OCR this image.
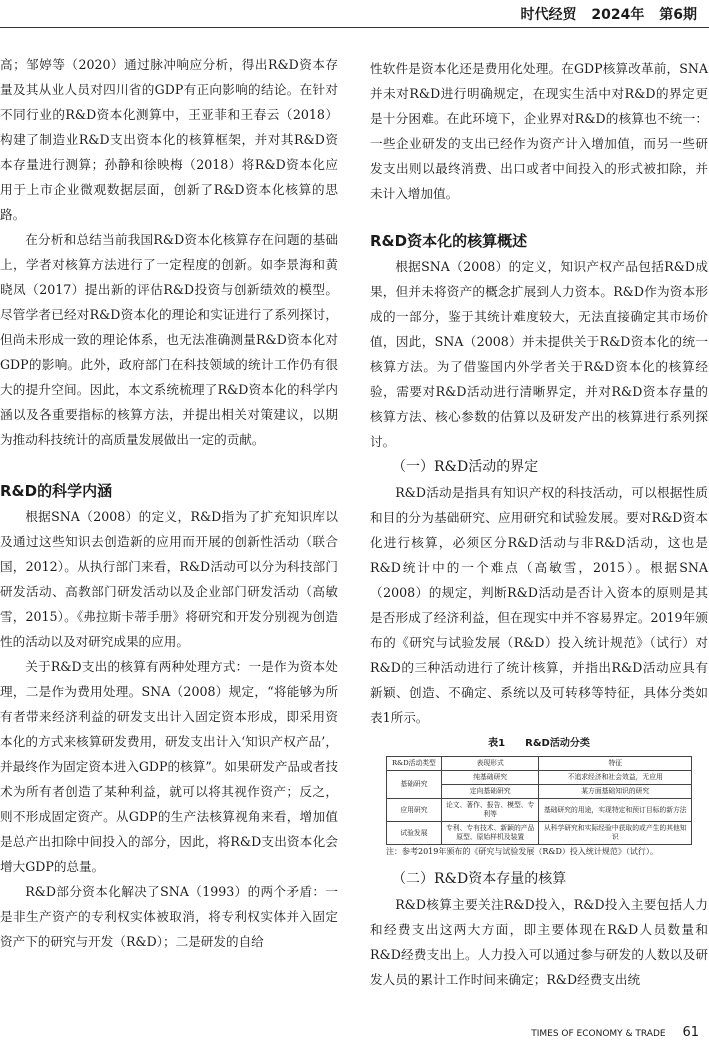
时代经贸 2024年 第6期

高；邹婷等（2020）通过脉冲响应分析，得出R&D资本存量及其从业人员对四川省的GDP有正向影响的结论。在针对不同行业的R&D资本化测算中，王亚菲和王春云（2018）构建了制造业R&D支出资本化的核算框架，并对其R&D资本存量进行测算；孙静和徐映梅（2018）将R&D资本化应用于上市企业微观数据层面，创新了R&D资本化核算的思路。

在分析和总结当前我国R&D资本化核算存在问题的基础上，学者对核算方法进行了一定程度的创新。如李景海和黄晓凤（2017）提出新的评估R&D投资与创新绩效的模型。尽管学者已经对R&D资本化的理论和实证进行了系列探讨，但尚未形成一致的理论体系，也无法准确测量R&D资本化对GDP的影响。此外，政府部门在科技领域的统计工作仍有很大的提升空间。因此，本文系统梳理了R&D资本化的科学内涵以及各重要指标的核算方法，并提出相关对策建议，以期为推动科技统计的高质量发展做出一定的贡献。

R&D的科学内涵

根据SNA（2008）的定义，R&D指为了扩充知识库以及通过这些知识去创造新的应用而开展的创新性活动（联合国，2012）。从执行部门来看，R&D活动可以分为科技部门研发活动、高教部门研发活动以及企业部门研发活动（高敏雪，2015）。《弗拉斯卡蒂手册》将研究和开发分别视为创造性的活动以及对研究成果的应用。

关于R&D支出的核算有两种处理方式：一是作为资本处理，二是作为费用处理。SNA（2008）规定，“将能够为所有者带来经济利益的研发支出计入固定资本形成，即采用资本化的方式来核算研发费用，研发支出计入‘知识产权产品’，并最终作为固定资本进入GDP的核算”。如果研发产品或者技术为所有者创造了某种利益，就可以将其视作资产；反之，则不形成固定资产。从GDP的生产法核算视角来看，增加值是总产出扣除中间投入的部分，因此，将R&D支出资本化会增大GDP的总量。

R&D部分资本化解决了SNA（1993）的两个矛盾：一是非生产资产的专利权实体被取消，将专利权实体并入固定资产下的研究与开发（R&D）；二是研发的自给

性软件是资本化还是费用化处理。在GDP核算改革前，SNA并未对R&D进行明确规定，在现实生活中对R&D的界定更是十分困难。在此环境下，企业界对R&D的核算也不统一：一些企业研发的支出已经作为资产计入增加值，而另一些研发支出则以最终消费、出口或者中间投入的形式被扣除，并未计入增加值。

R&D资本化的核算概述

根据SNA（2008）的定义，知识产权产品包括R&D成果，但并未将资产的概念扩展到人力资本。R&D作为资本形成的一部分，鉴于其统计难度较大，无法直接确定其市场价值，因此，SNA（2008）并未提供关于R&D资本化的统一核算方法。为了借鉴国内外学者关于R&D资本化的核算经验，需要对R&D活动进行清晰界定，并对R&D资本存量的核算方法、核心参数的估算以及研发产出的核算进行系列探讨。

（一）R&D活动的界定

R&D活动是指具有知识产权的科技活动，可以根据性质和目的分为基础研究、应用研究和试验发展。要对R&D资本化进行核算，必须区分R&D活动与非R&D活动，这也是R&D统计中的一个难点（高敏雪，2015）。根据SNA（2008）的规定，判断R&D活动是否计入资本的原则是其是否形成了经济利益，但在现实中并不容易界定。2019年颁布的《研究与试验发展（R&D）投入统计规范》（试行）对R&D的三种活动进行了统计核算，并指出R&D活动应具有新颖、创造、不确定、系统以及可转移等特征，具体分类如表1所示。

表1　　R&D活动分类
R&D活动类型	表现形式	特征
基础研究	纯基础研究	不追求经济和社会效益，无应用
	定向基础研究	某方面基础知识的研究
应用研究	论文、著作、报告、模型、专利等	基础研究的用途，实现特定和预订目标的新方法
试验发展	专利、专有技术、新颖的产品原型、原始样机及装置	从科学研究和实际经验中获取的或产生的其他知识

注：参考2019年颁布的《研究与试验发展（R&D）投入统计规范》（试行）。

（二）R&D资本存量的核算

R&D核算主要关注R&D投入，R&D投入主要包括人力和经费支出这两大方面，即主要体现在R&D人员数量和R&D经费支出上。人力投入可以通过参与研发的人数以及研发人员的累计工作时间来确定；R&D经费支出统

TIMES OF ECONOMY & TRADE 61
